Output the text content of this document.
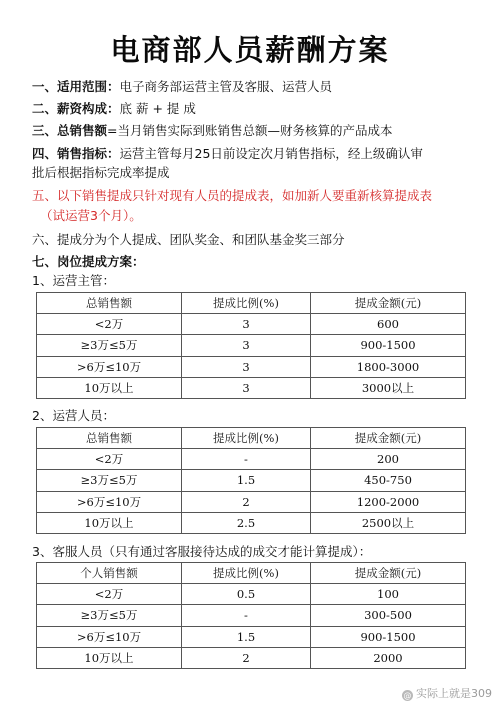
电商部人员薪酬方案
一、适用范围：电子商务部运营主管及客服、运营人员
二、薪资构成：底 薪 + 提 成
三、总销售额=当月销售实际到账销售总额—财务核算的产品成本
四、销售指标：运营主管每月25日前设定次月销售指标，经上级确认审
批后根据指标完成率提成
五、以下销售提成只针对现有人员的提成表，如加新人要重新核算提成表
（试运营3个月）。
六、提成分为个人提成、团队奖金、和团队基金奖三部分
七、岗位提成方案：
1、运营主管：
总销售额	提成比例(%)	提成金额(元)
<2万	3	600
≥3万≤5万	3	900-1500
>6万≤10万	3	1800-3000
10万以上	3	3000以上
2、运营人员：
总销售额	提成比例(%)	提成金额(元)
<2万	-	200
≥3万≤5万	1.5	450-750
>6万≤10万	2	1200-2000
10万以上	2.5	2500以上
3、客服人员（只有通过客服接待达成的成交才能计算提成）：
个人销售额	提成比例(%)	提成金额(元)
<2万	0.5	100
≥3万≤5万	-	300-500
>6万≤10万	1.5	900-1500
10万以上	2	2000
@ 实际上就是309
